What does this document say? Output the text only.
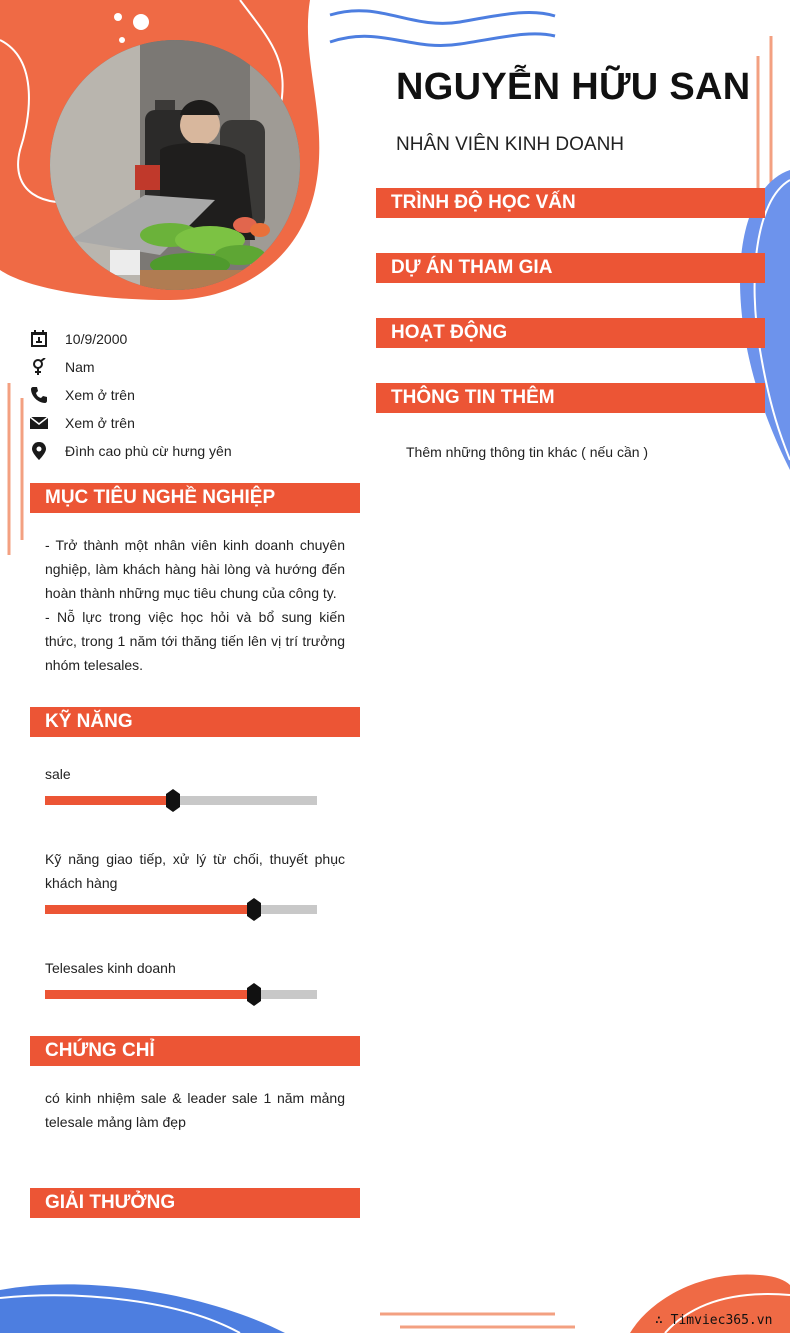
NGUYỄN HỮU SAN
NHÂN VIÊN KINH DOANH
TRÌNH ĐỘ HỌC VẤN
DỰ ÁN THAM GIA
HOẠT ĐỘNG
THÔNG TIN THÊM
Thêm những thông tin khác ( nếu cần )
10/9/2000
Nam
Xem ở trên
Xem ở trên
Đình cao phù cừ hưng yên
MỤC TIÊU NGHỀ NGHIỆP

- Trở thành một nhân viên kinh doanh chuyên nghiệp, làm khách hàng hài lòng và hướng đến hoàn thành những mục tiêu chung của công ty.

- Nỗ lực trong việc học hỏi và bổ sung kiến thức, trong 1 năm tới thăng tiến lên vị trí trưởng nhóm telesales.

KỸ NĂNG
sale
Kỹ năng giao tiếp, xử lý từ chối, thuyết phục khách hàng
Telesales kinh doanh
CHỨNG CHỈ
có kinh nhiệm sale & leader sale 1 năm mảng telesale mảng làm đẹp
GIẢI THƯỞNG
∴ Timviec365.vn
